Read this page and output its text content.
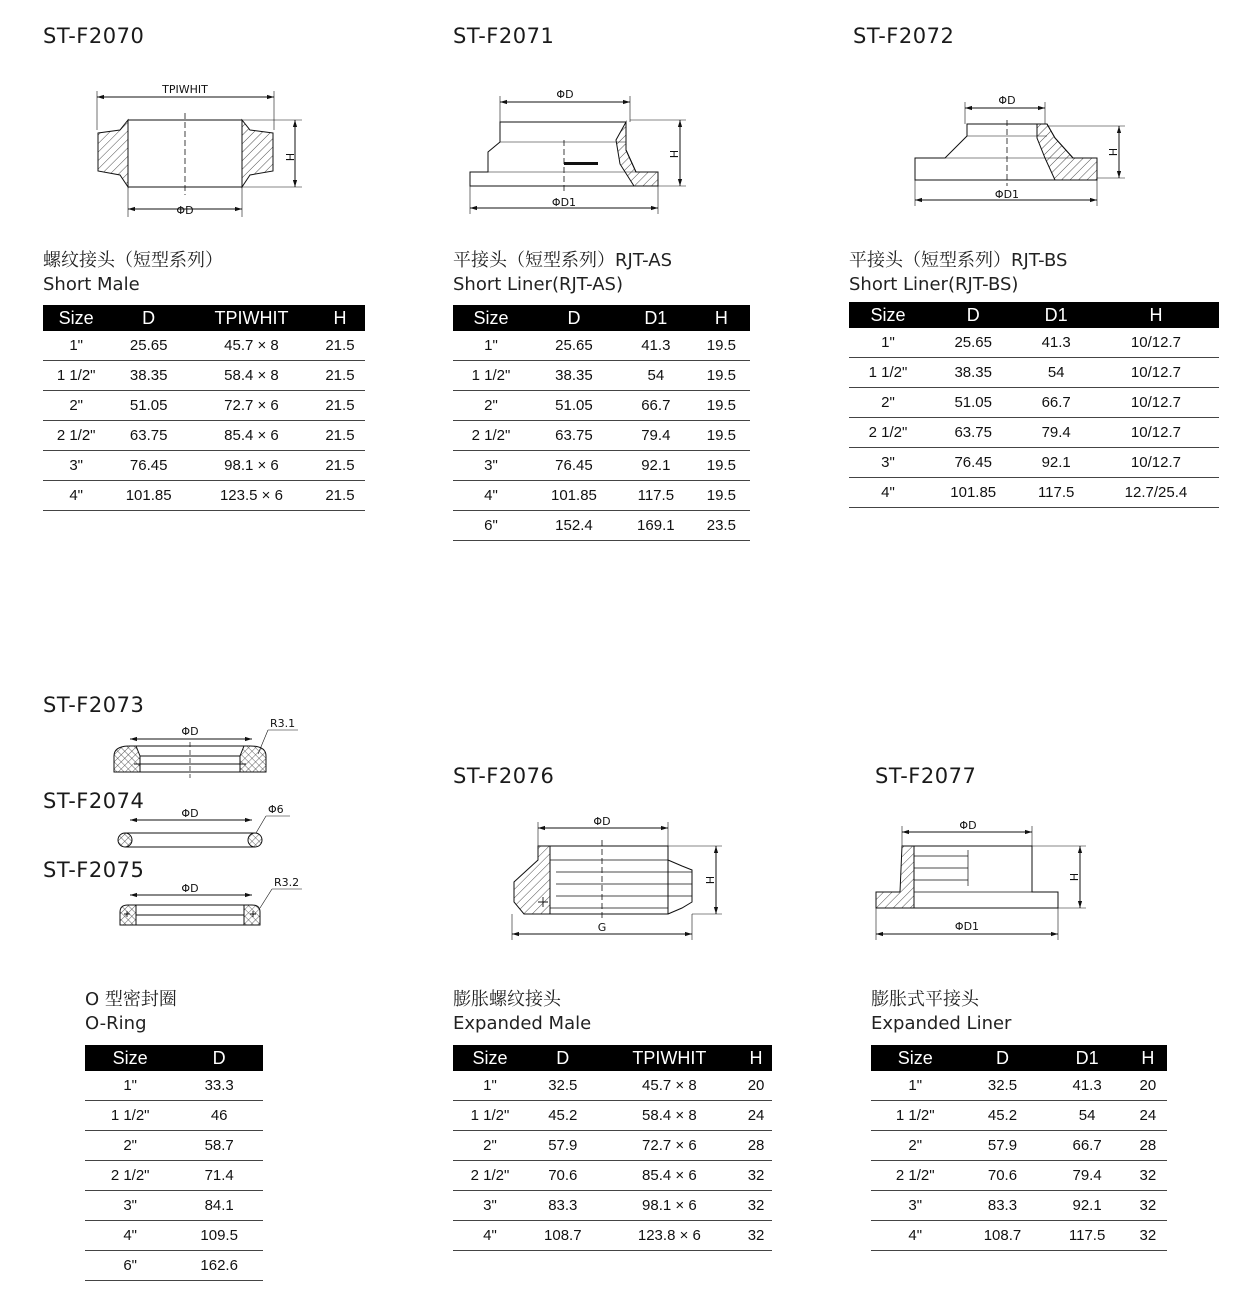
ST-F2070
TPIWHIT
ΦD
H
螺纹接头（短型系列）
Short Male
Size	D	TPIWHIT	H
1"	25.65	45.7 × 8	21.5
1 1/2"	38.35	58.4 × 8	21.5
2"	51.05	72.7 × 6	21.5
2 1/2"	63.75	85.4 × 6	21.5
3"	76.45	98.1 × 6	21.5
4"	101.85	123.5 × 6	21.5
ST-F2071
ΦD
ΦD1
H
平接头（短型系列）RJT-AS
Short Liner(RJT-AS)
Size	D	D1	H
1"	25.65	41.3	19.5
1 1/2"	38.35	54	19.5
2"	51.05	66.7	19.5
2 1/2"	63.75	79.4	19.5
3"	76.45	92.1	19.5
4"	101.85	117.5	19.5
6"	152.4	169.1	23.5
ST-F2072
ΦD
ΦD1
H
平接头（短型系列）RJT-BS
Short Liner(RJT-BS)
Size	D	D1	H
1"	25.65	41.3	10/12.7
1 1/2"	38.35	54	10/12.7
2"	51.05	66.7	10/12.7
2 1/2"	63.75	79.4	10/12.7
3"	76.45	92.1	10/12.7
4"	101.85	117.5	12.7/25.4
ST-F2073
ΦD
R3.1
ST-F2074
ΦD	Φ6
ST-F2075
ΦD	R3.2
O 型密封圈
O-Ring
Size	D
1"	33.3
1 1/2"	46
2"	58.7
2 1/2"	71.4
3"	84.1
4"	109.5
6"	162.6
ST-F2076
ΦD
G
H
膨胀螺纹接头
Expanded Male
Size	D	TPIWHIT	H
1"	32.5	45.7 × 8	20
1 1/2"	45.2	58.4 × 8	24
2"	57.9	72.7 × 6	28
2 1/2"	70.6	85.4 × 6	32
3"	83.3	98.1 × 6	32
4"	108.7	123.8 × 6	32
ST-F2077
ΦD
ΦD1
H
膨胀式平接头
Expanded Liner
Size	D	D1	H
1"	32.5	41.3	20
1 1/2"	45.2	54	24
2"	57.9	66.7	28
2 1/2"	70.6	79.4	32
3"	83.3	92.1	32
4"	108.7	117.5	32
